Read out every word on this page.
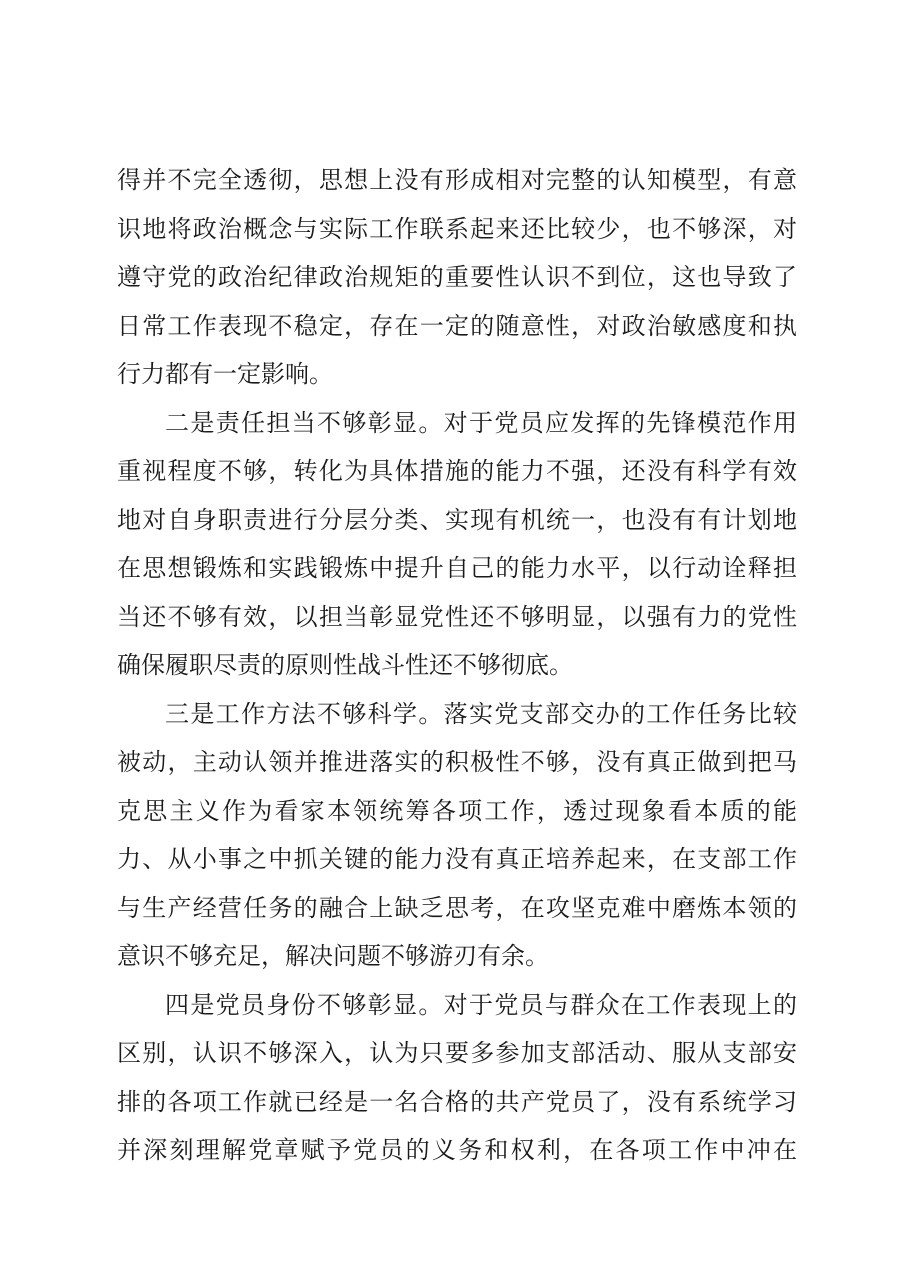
得并不完全透彻，思想上没有形成相对完整的认知模型，有意
识地将政治概念与实际工作联系起来还比较少，也不够深，对
遵守党的政治纪律政治规矩的重要性认识不到位，这也导致了
日常工作表现不稳定，存在一定的随意性，对政治敏感度和执
行力都有一定影响。
二是责任担当不够彰显。对于党员应发挥的先锋模范作用
重视程度不够，转化为具体措施的能力不强，还没有科学有效
地对自身职责进行分层分类、实现有机统一，也没有有计划地
在思想锻炼和实践锻炼中提升自己的能力水平，以行动诠释担
当还不够有效，以担当彰显党性还不够明显，以强有力的党性
确保履职尽责的原则性战斗性还不够彻底。
三是工作方法不够科学。落实党支部交办的工作任务比较
被动，主动认领并推进落实的积极性不够，没有真正做到把马
克思主义作为看家本领统筹各项工作，透过现象看本质的能
力、从小事之中抓关键的能力没有真正培养起来，在支部工作
与生产经营任务的融合上缺乏思考，在攻坚克难中磨炼本领的
意识不够充足，解决问题不够游刃有余。
四是党员身份不够彰显。对于党员与群众在工作表现上的
区别，认识不够深入，认为只要多参加支部活动、服从支部安
排的各项工作就已经是一名合格的共产党员了，没有系统学习
并深刻理解党章赋予党员的义务和权利，在各项工作中冲在
